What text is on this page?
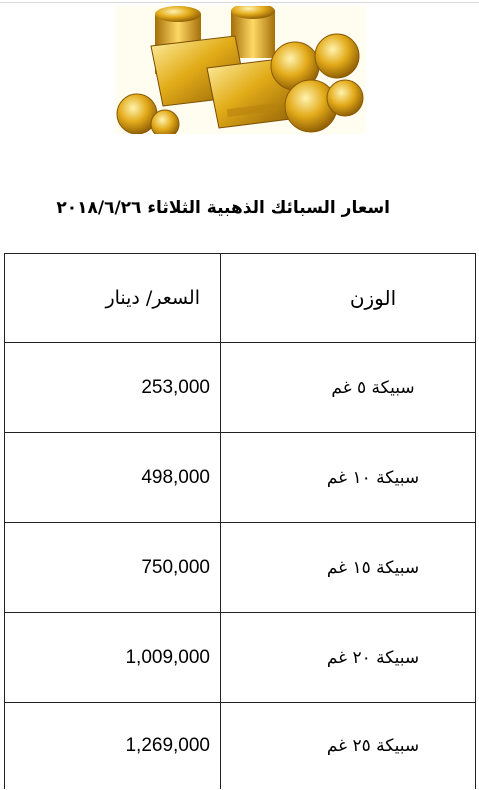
اسعار السبائك الذهبية الثلاثاء ٢٠١٨/٦/٢٦
السعر/ دينار	الوزن
253,000	سبيكة ٥ غم
498,000	سبيكة ١٠ غم
750,000	سبيكة ١٥ غم
1,009,000	سبيكة ٢٠ غم
1,269,000	سبيكة ٢٥ غم
